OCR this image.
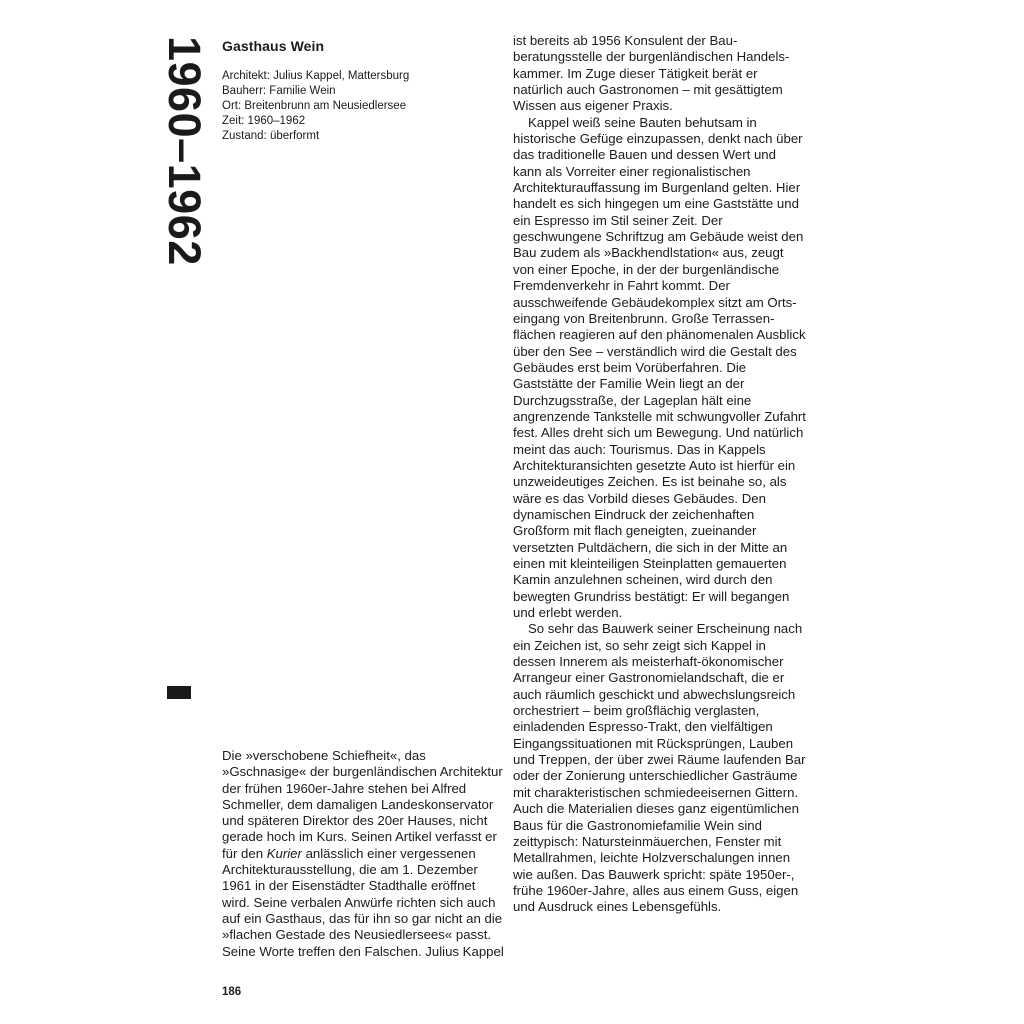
1960–1962 Gasthaus Wein
Architekt: Julius Kappel, Mattersburg
Bauherr: Familie Wein
Ort: Breitenbrunn am Neusiedlersee
Zeit: 1960–1962
Zustand: überformt
Die »verschobene Schiefheit«, das »Gschnasige« der burgenländischen Architektur der frühen 1960er-Jahre stehen bei Alfred Schmeller, dem damaligen Landeskonservator und späteren Direktor des 20er Hauses, nicht gerade hoch im Kurs. Seinen Artikel verfasst er für den Kurier anlässlich einer vergessenen Architekturausstellung, die am 1. Dezember 1961 in der Eisenstädter Stadthalle eröffnet wird. Seine verbalen Anwürfe richten sich auch auf ein Gasthaus, das für ihn so gar nicht an die »flachen Gestade des Neusiedlersees« passt. Seine Worte treffen den Falschen. Julius Kappel

ist bereits ab 1956 Konsulent der Bauberatungsstelle der burgenländischen Handelskammer. Im Zuge dieser Tätigkeit berät er natürlich auch Gastronomen – mit gesättigtem Wissen aus eigener Praxis.

Kappel weiß seine Bauten behutsam in historische Gefüge einzupassen, denkt nach über das traditionelle Bauen und dessen Wert und kann als Vorreiter einer regionalistischen Architekturauffassung im Burgenland gelten. Hier handelt es sich hingegen um eine Gaststätte und ein Espresso im Stil seiner Zeit. Der geschwungene Schriftzug am Gebäude weist den Bau zudem als »Backhendlstation« aus, zeugt von einer Epoche, in der der burgenländische Fremdenverkehr in Fahrt kommt. Der ausschweifende Gebäudekomplex sitzt am Ortseingang von Breitenbrunn. Große Terrassenflächen reagieren auf den phänomenalen Ausblick über den See – verständlich wird die Gestalt des Gebäudes erst beim Vorüberfahren. Die Gaststätte der Familie Wein liegt an der Durchzugsstraße, der Lageplan hält eine angrenzende Tankstelle mit schwungvoller Zufahrt fest. Alles dreht sich um Bewegung. Und natürlich meint das auch: Tourismus. Das in Kappels Architekturansichten gesetzte Auto ist hierfür ein unzweideutiges Zeichen. Es ist beinahe so, als wäre es das Vorbild dieses Gebäudes. Den dynamischen Eindruck der zeichenhaften Großform mit flach geneigten, zueinander versetzten Pultdächern, die sich in der Mitte an einen mit kleinteiligen Steinplatten gemauerten Kamin anzulehnen scheinen, wird durch den bewegten Grundriss bestätigt: Er will begangen und erlebt werden.

So sehr das Bauwerk seiner Erscheinung nach ein Zeichen ist, so sehr zeigt sich Kappel in dessen Innerem als meisterhaft-ökonomischer Arrangeur einer Gastronomielandschaft, die er auch räumlich geschickt und abwechslungsreich orchestriert – beim großflächig verglasten, einladenden Espresso-Trakt, den vielfältigen Eingangssituationen mit Rücksprüngen, Lauben und Treppen, der über zwei Räume laufenden Bar oder der Zonierung unterschiedlicher Gasträume mit charakteristischen schmiedeeisernen Gittern. Auch die Materialien dieses ganz eigentümlichen Baus für die Gastronomiefamilie Wein sind zeittypisch: Natursteinmäuerchen, Fenster mit Metallrahmen, leichte Holzverschalungen innen wie außen. Das Bauwerk spricht: späte 1950er-, frühe 1960er-Jahre, alles aus einem Guss, eigen und Ausdruck eines Lebensgefühls.

186
